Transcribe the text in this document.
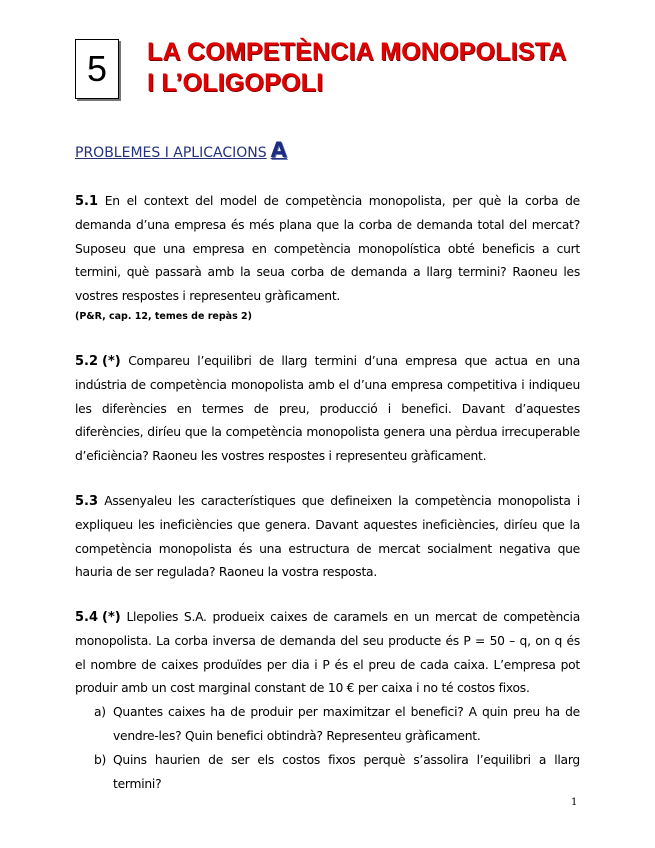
5 LA COMPETÈNCIA MONOPOLISTA
I L’OLIGOPOLI
PROBLEMES I APLICACIONS A

5.1 En el context del model de competència monopolista, per què la corba de demanda d’una empresa és més plana que la corba de demanda total del mercat? Suposeu que una empresa en competència monopolística obté beneficis a curt termini, què passarà amb la seua corba de demanda a llarg termini? Raoneu les vostres respostes i representeu gràficament.

(P&R, cap. 12, temes de repàs 2)

5.2 (*) Compareu l’equilibri de llarg termini d’una empresa que actua en una indústria de competència monopolista amb el d’una empresa competitiva i indiqueu les diferències en termes de preu, producció i benefici. Davant d’aquestes diferències, diríeu que la competència monopolista genera una pèrdua irrecuperable d’eficiència? Raoneu les vostres respostes i representeu gràficament.

5.3 Assenyaleu les característiques que defineixen la competència monopolista i expliqueu les ineficiències que genera. Davant aquestes ineficiències, diríeu que la competència monopolista és una estructura de mercat socialment negativa que hauria de ser regulada? Raoneu la vostra resposta.

5.4 (*) Llepolies S.A. produeix caixes de caramels en un mercat de competència monopolista. La corba inversa de demanda del seu producte és P = 50 – q, on q és el nombre de caixes produïdes per dia i P és el preu de cada caixa. L’empresa pot produir amb un cost marginal constant de 10 € per caixa i no té costos fixos.

a) Quantes caixes ha de produir per maximitzar el benefici? A quin preu ha de vendre-les? Quin benefici obtindrà? Representeu gràficament.
b) Quins haurien de ser els costos fixos perquè s’assolira l’equilibri a llarg termini?
1
